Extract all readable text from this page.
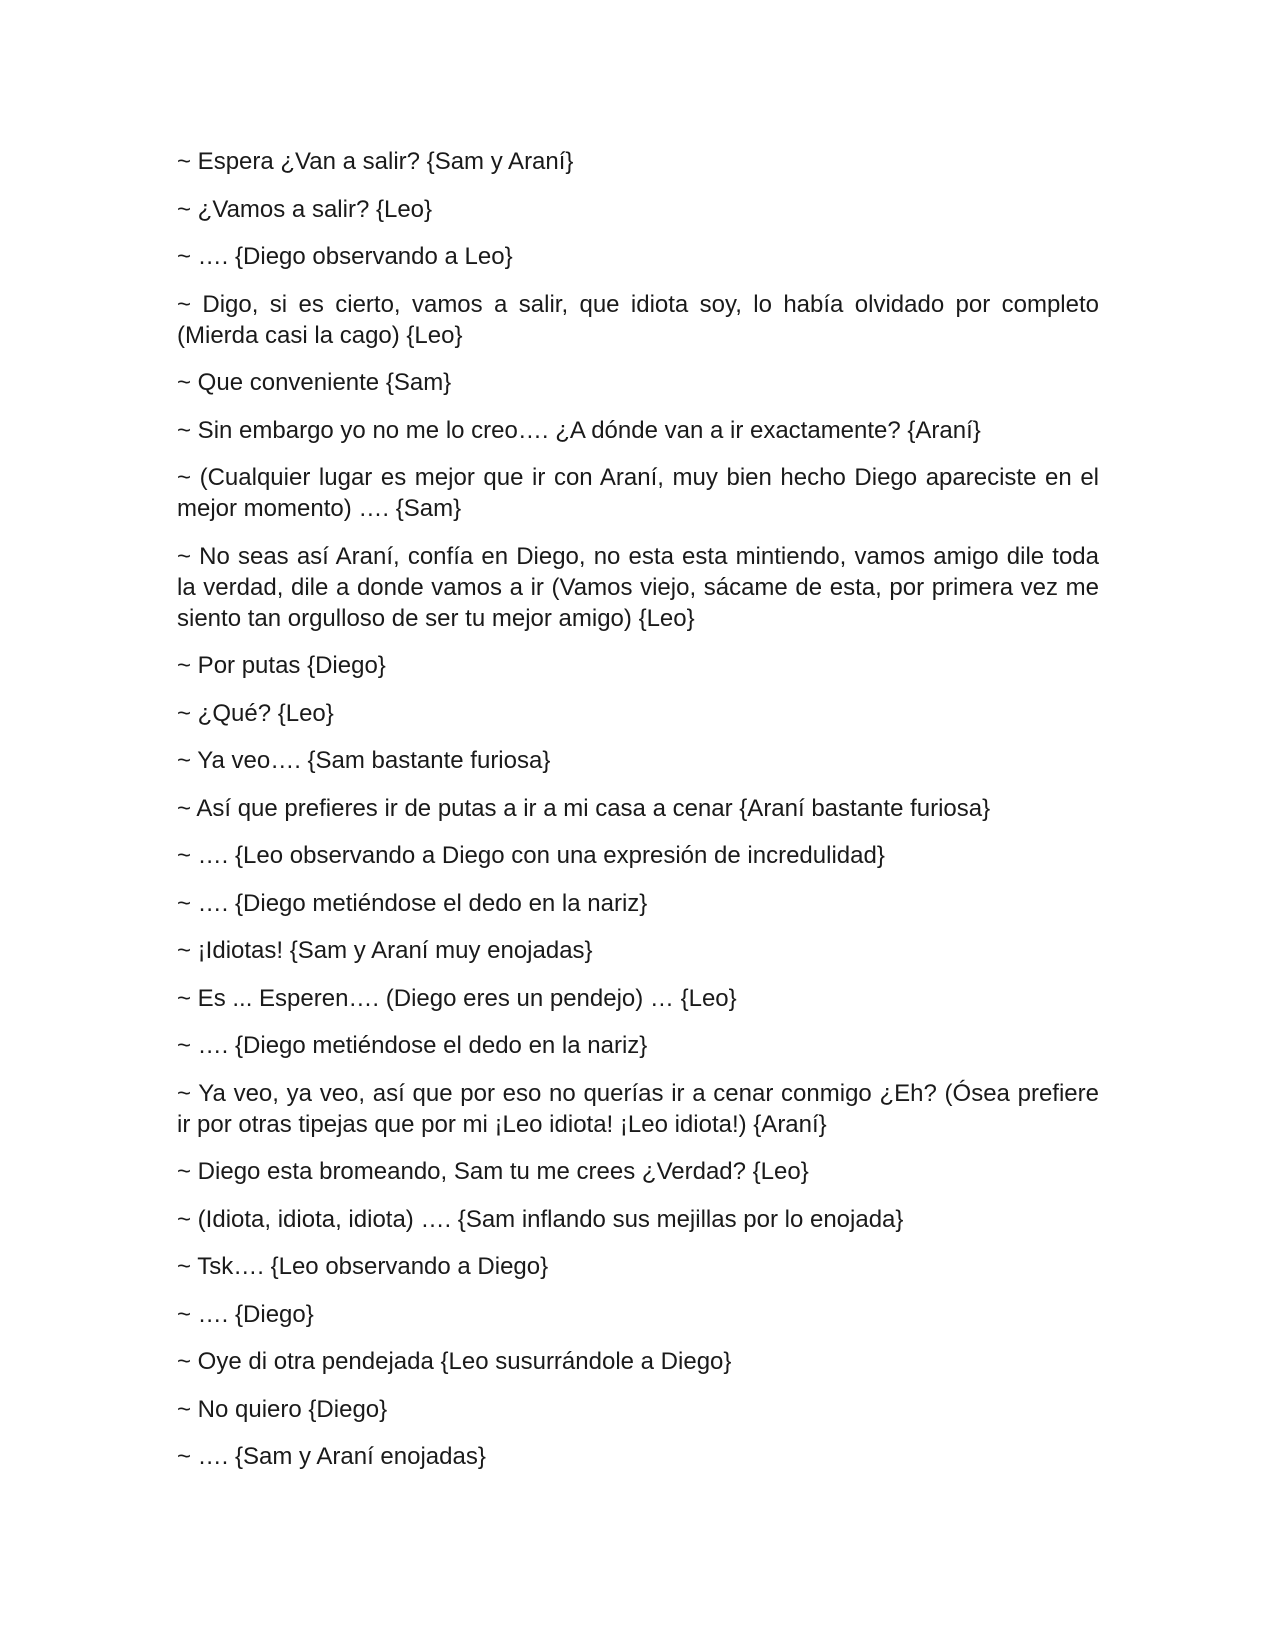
~ Espera ¿Van a salir? {Sam y Araní}

~ ¿Vamos a salir? {Leo}

~ …. {Diego observando a Leo}

~ Digo, si es cierto, vamos a salir, que idiota soy, lo había olvidado por completo (Mierda casi la cago) {Leo}

~ Que conveniente {Sam}

~ Sin embargo yo no me lo creo…. ¿A dónde van a ir exactamente? {Araní}

~ (Cualquier lugar es mejor que ir con Araní, muy bien hecho Diego apareciste en el mejor momento) …. {Sam}

~ No seas así Araní, confía en Diego, no esta esta mintiendo, vamos amigo dile toda la verdad, dile a donde vamos a ir (Vamos viejo, sácame de esta, por primera vez me siento tan orgulloso de ser tu mejor amigo) {Leo}

~ Por putas {Diego}

~ ¿Qué? {Leo}

~ Ya veo…. {Sam bastante furiosa}

~ Así que prefieres ir de putas a ir a mi casa a cenar {Araní bastante furiosa}

~ …. {Leo observando a Diego con una expresión de incredulidad}

~ …. {Diego metiéndose el dedo en la nariz}

~ ¡Idiotas! {Sam y Araní muy enojadas}

~ Es ... Esperen…. (Diego eres un pendejo) … {Leo}

~ …. {Diego metiéndose el dedo en la nariz}

~ Ya veo, ya veo, así que por eso no querías ir a cenar conmigo ¿Eh? (Ósea prefiere ir por otras tipejas que por mi ¡Leo idiota! ¡Leo idiota!) {Araní}

~ Diego esta bromeando, Sam tu me crees ¿Verdad? {Leo}

~ (Idiota, idiota, idiota) …. {Sam inflando sus mejillas por lo enojada}

~ Tsk…. {Leo observando a Diego}

~ …. {Diego}

~ Oye di otra pendejada {Leo susurrándole a Diego}

~ No quiero {Diego}

~ …. {Sam y Araní enojadas}
